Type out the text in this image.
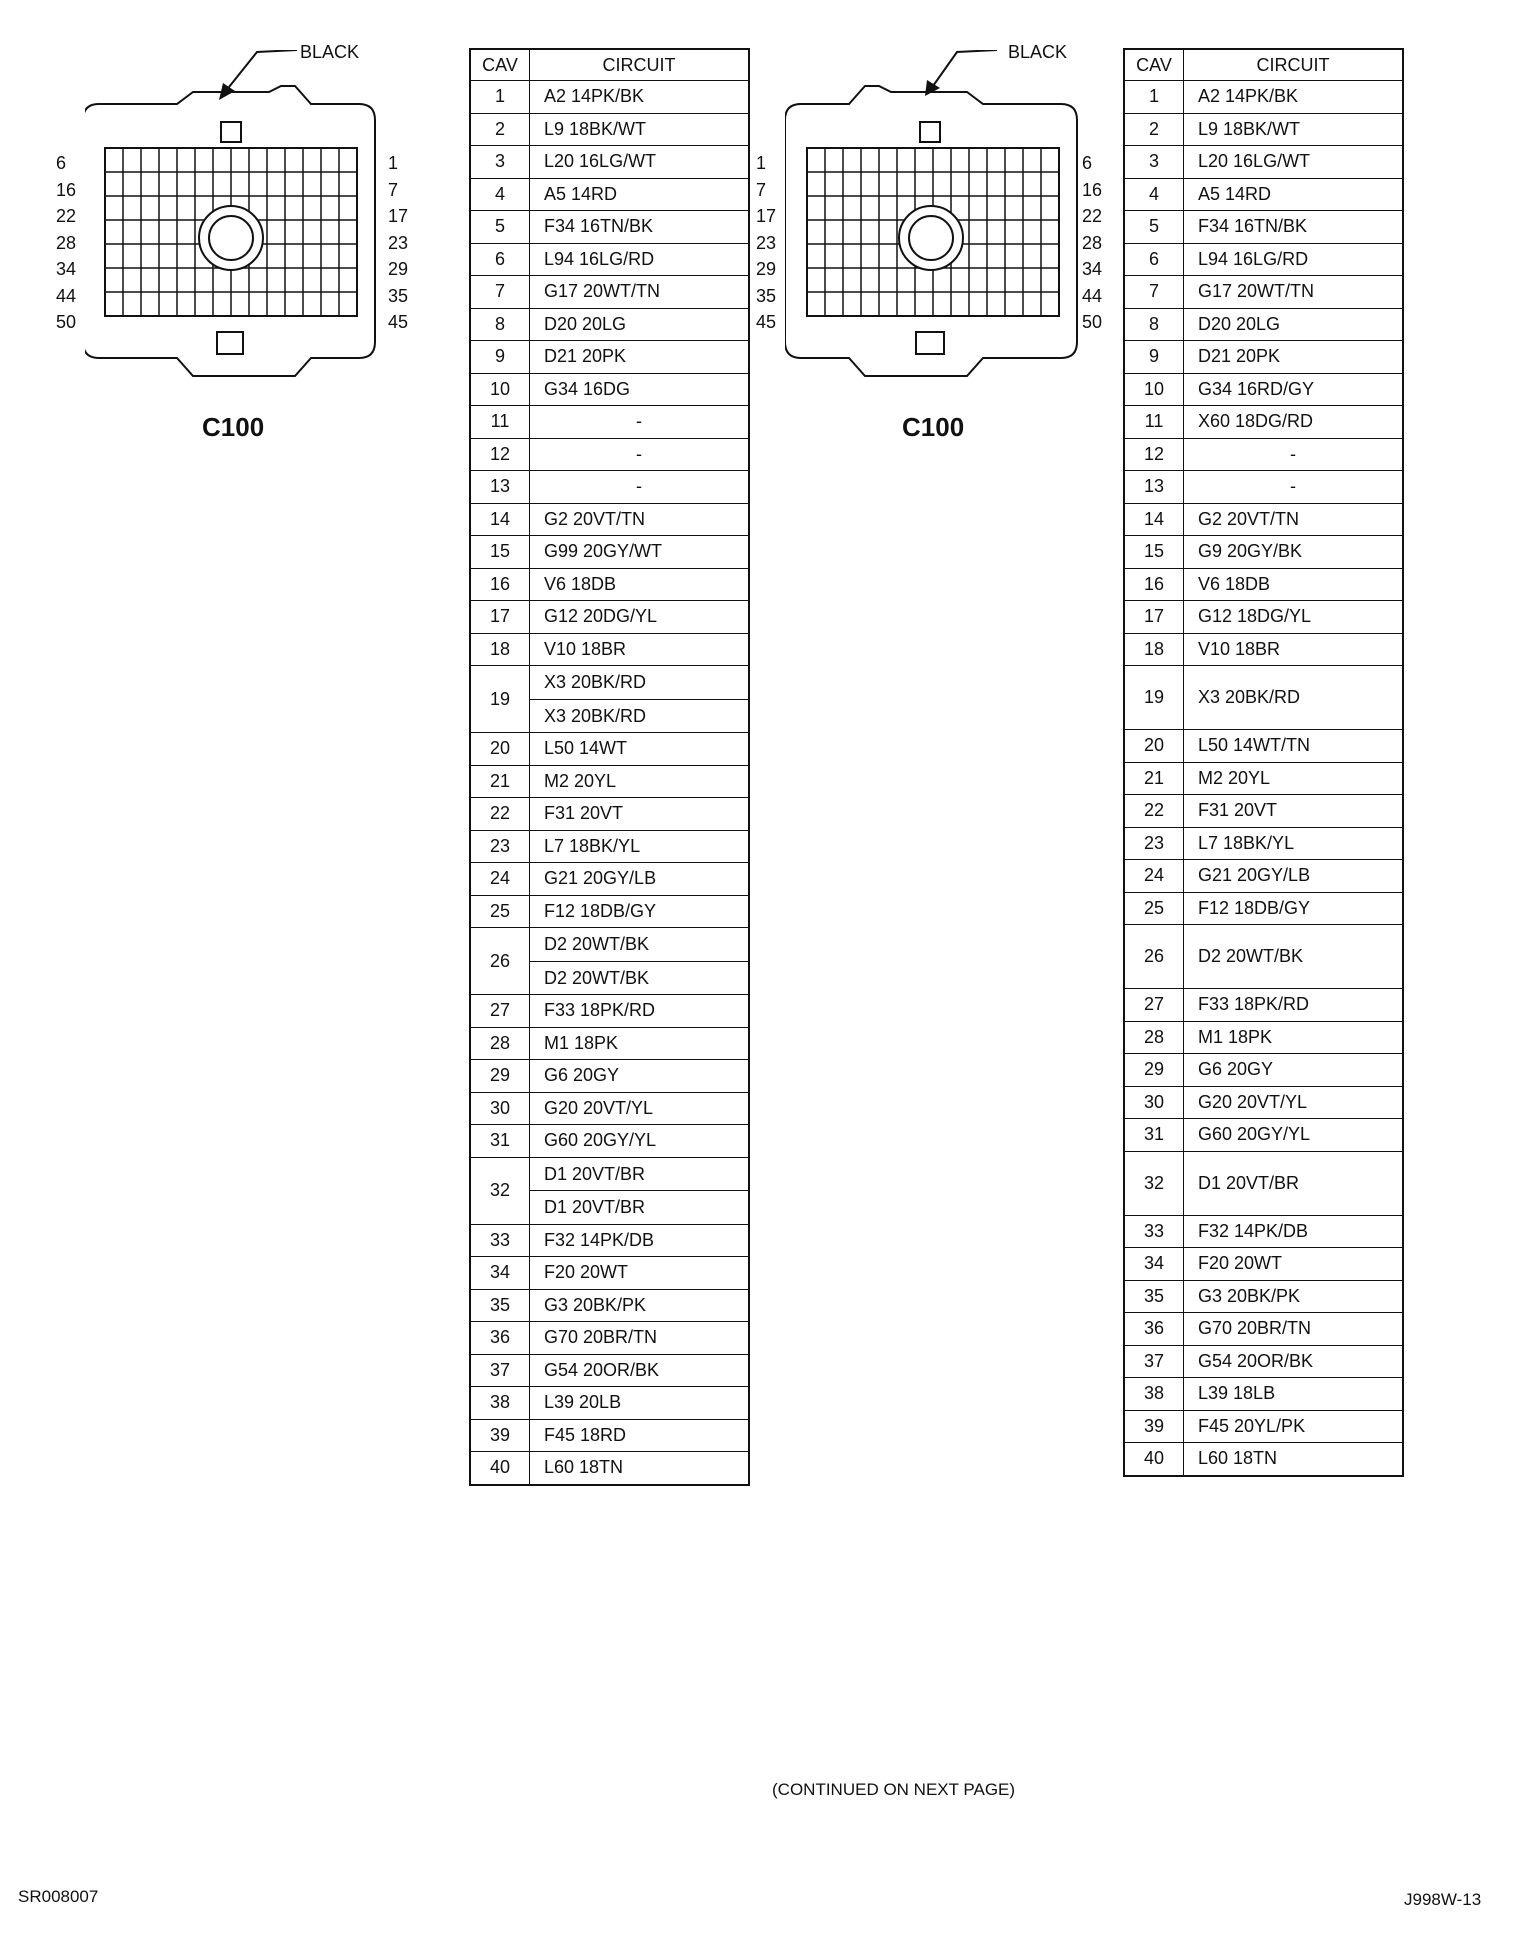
BLACK
C100
6
16
22
28
34
44
50
1
7
17
23
29
35
45
BLACK
C100
1
7
17
23
29
35
45
6
16
22
28
34
44
50
CAV	CIRCUIT
1	A2 14PK/BK
2	L9 18BK/WT
3	L20 16LG/WT
4	A5 14RD
5	F34 16TN/BK
6	L94 16LG/RD
7	G17 20WT/TN
8	D20 20LG
9	D21 20PK
10	G34 16DG
11	-
12	-
13	-
14	G2 20VT/TN
15	G99 20GY/WT
16	V6 18DB
17	G12 20DG/YL
18	V10 18BR
19	X3 20BK/RD
X3 20BK/RD

20	L50 14WT
21	M2 20YL
22	F31 20VT
23	L7 18BK/YL
24	G21 20GY/LB
25	F12 18DB/GY
26	D2 20WT/BK
D2 20WT/BK

27	F33 18PK/RD
28	M1 18PK
29	G6 20GY
30	G20 20VT/YL
31	G60 20GY/YL
32	D1 20VT/BR
D1 20VT/BR

33	F32 14PK/DB
34	F20 20WT
35	G3 20BK/PK
36	G70 20BR/TN
37	G54 20OR/BK
38	L39 20LB
39	F45 18RD
40	L60 18TN
CAV	CIRCUIT
1	A2 14PK/BK
2	L9 18BK/WT
3	L20 16LG/WT
4	A5 14RD
5	F34 16TN/BK
6	L94 16LG/RD
7	G17 20WT/TN
8	D20 20LG
9	D21 20PK
10	G34 16RD/GY
11	X60 18DG/RD
12	-
13	-
14	G2 20VT/TN
15	G9 20GY/BK
16	V6 18DB
17	G12 18DG/YL
18	V10 18BR
19	X3 20BK/RD
20	L50 14WT/TN
21	M2 20YL
22	F31 20VT
23	L7 18BK/YL
24	G21 20GY/LB
25	F12 18DB/GY
26	D2 20WT/BK
27	F33 18PK/RD
28	M1 18PK
29	G6 20GY
30	G20 20VT/YL
31	G60 20GY/YL
32	D1 20VT/BR
33	F32 14PK/DB
34	F20 20WT
35	G3 20BK/PK
36	G70 20BR/TN
37	G54 20OR/BK
38	L39 18LB
39	F45 20YL/PK
40	L60 18TN
(CONTINUED ON NEXT PAGE)
SR008007	J998W-13
